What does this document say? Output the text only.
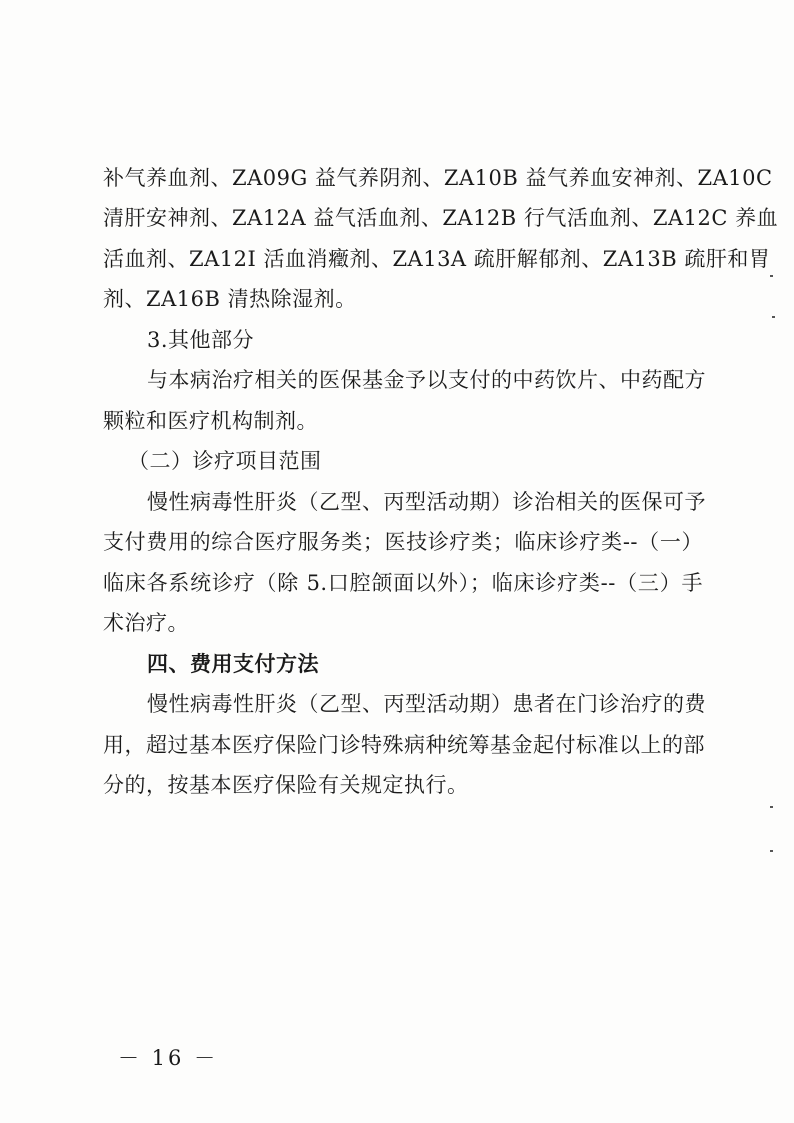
补气养血剂、ZA09G 益气养阴剂、ZA10B 益气养血安神剂、ZA10C
清肝安神剂、ZA12A 益气活血剂、ZA12B 行气活血剂、ZA12C 养血
活血剂、ZA12I 活血消癥剂、ZA13A 疏肝解郁剂、ZA13B 疏肝和胃
剂、ZA16B 清热除湿剂。
3.其他部分
与本病治疗相关的医保基金予以支付的中药饮片、中药配方
颗粒和医疗机构制剂。
（二）诊疗项目范围
慢性病毒性肝炎（乙型、丙型活动期）诊治相关的医保可予
支付费用的综合医疗服务类；医技诊疗类；临床诊疗类--（一）
临床各系统诊疗（除 5.口腔颌面以外）；临床诊疗类--（三）手
术治疗。
四、费用支付方法
慢性病毒性肝炎（乙型、丙型活动期）患者在门诊治疗的费
用，超过基本医疗保险门诊特殊病种统筹基金起付标准以上的部
分的，按基本医疗保险有关规定执行。
－ 16 －
